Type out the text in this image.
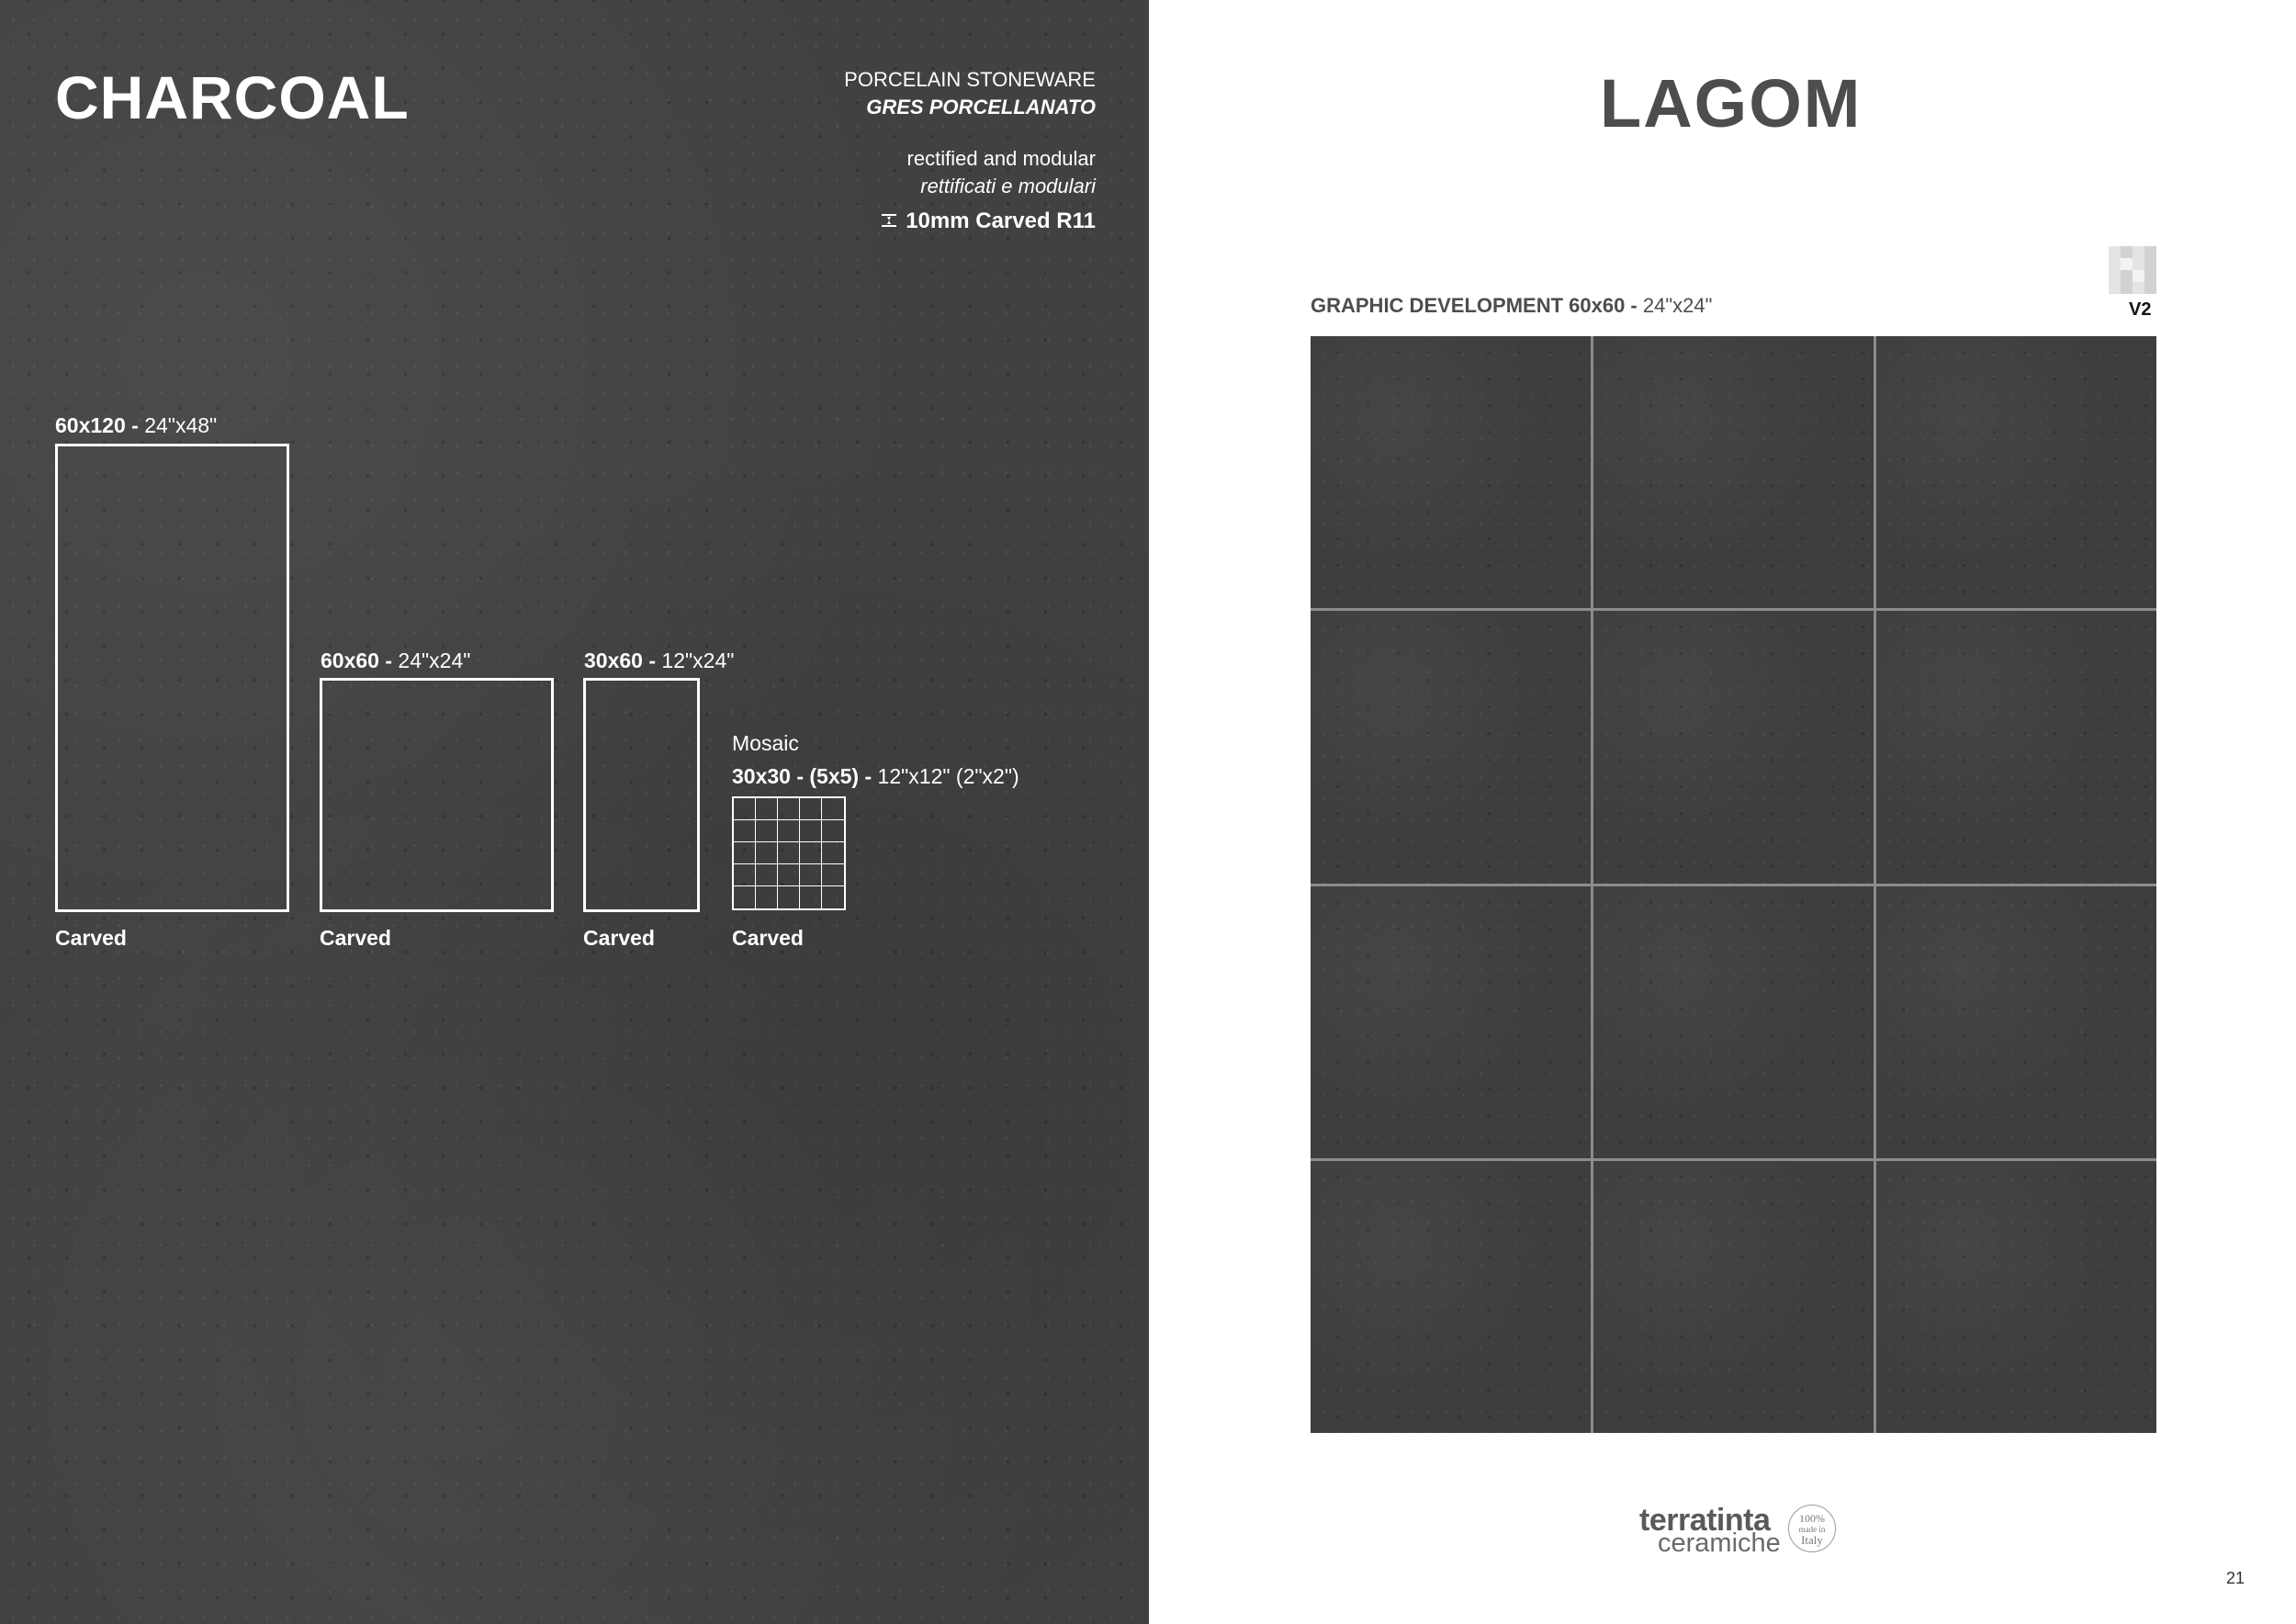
CHARCOAL	PORCELAIN STONEWARE
GRES PORCELLANATO
rectified and modular
rettificati e modulari
10mm Carved R11
60x120 - 24"x48"
Carved
60x60 - 24"x24"
Carved
30x60 - 12"x24"
Carved
Mosaic
30x30 - (5x5) - 12"x12" (2"x2")
Carved
LAGOM
V2
GRAPHIC DEVELOPMENT 60x60 - 24"x24"
terratinta
ceramiche
100%
made in
Italy
21
